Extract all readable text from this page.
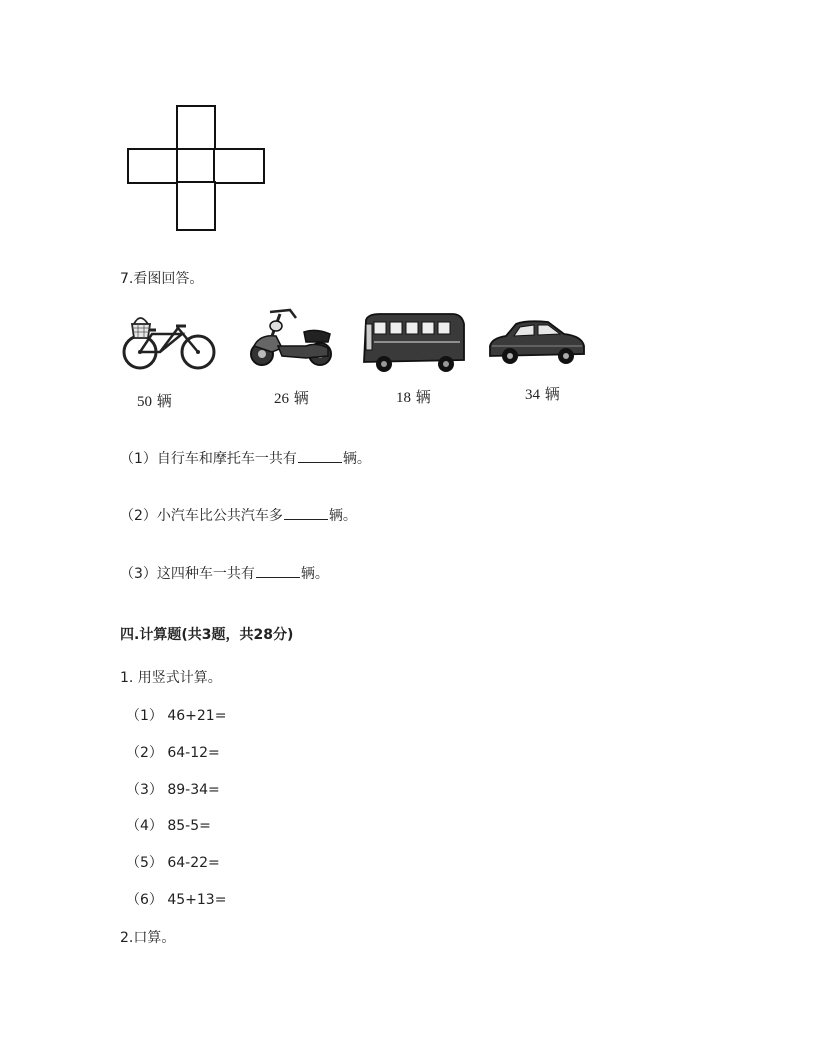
7.看图回答。
50 辆	26 辆	18 辆	34 辆
（1）自行车和摩托车一共有	辆。
（2）小汽车比公共汽车多	辆。
（3）这四种车一共有	辆。
四.计算题(共3题，共28分)
1. 用竖式计算。
（1） 46+21=
（2） 64-12=
（3） 89-34=
（4） 85-5=
（5） 64-22=
（6） 45+13=
2.口算。
